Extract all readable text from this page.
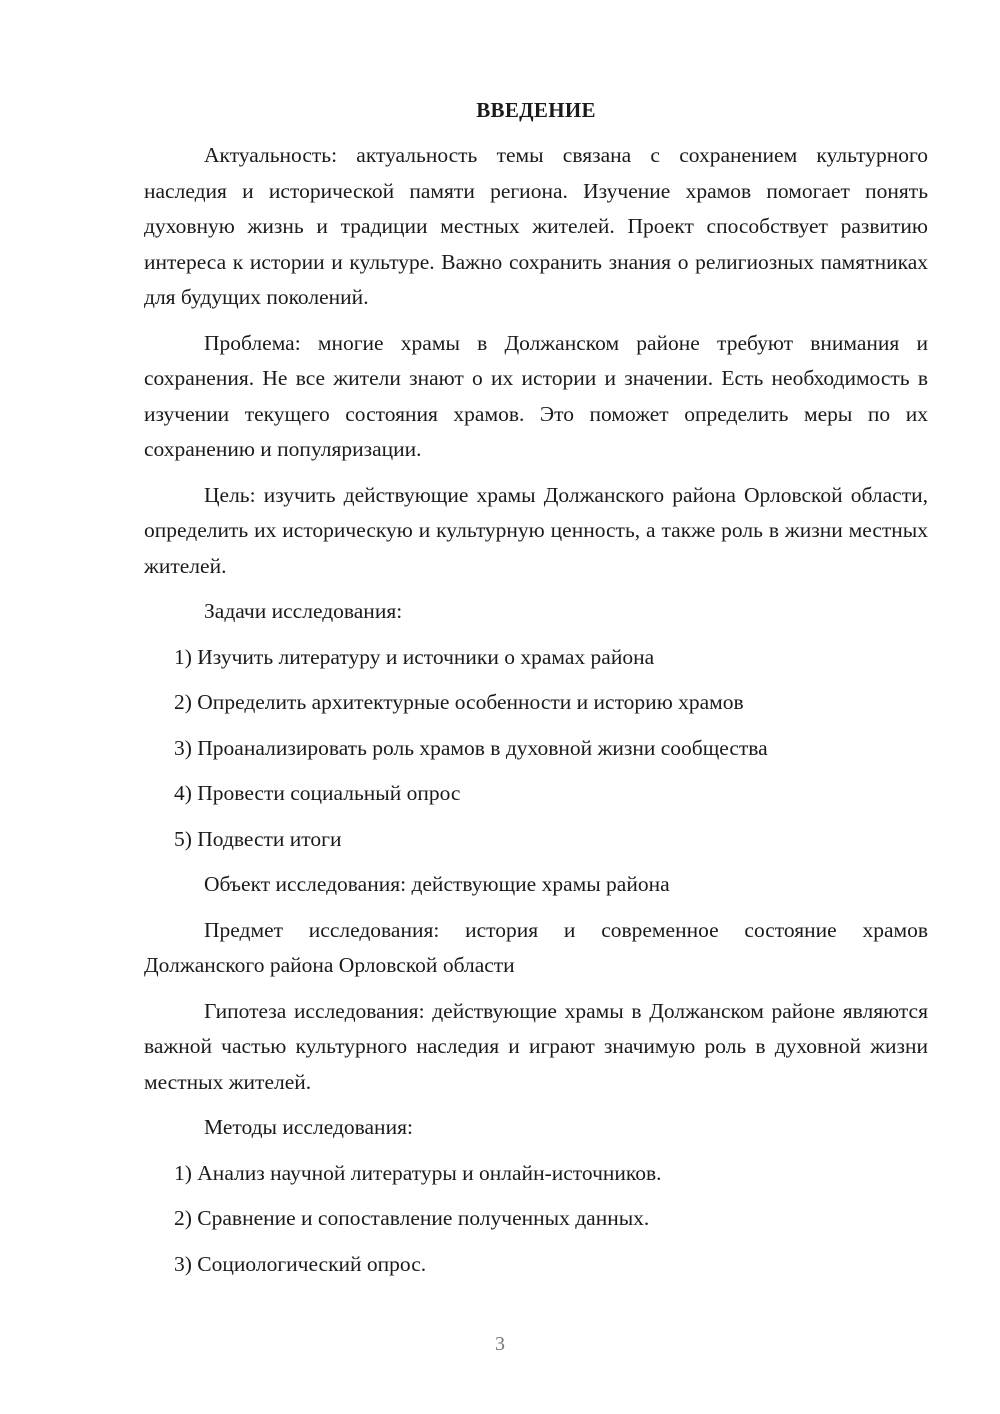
ВВЕДЕНИЕ

Актуальность: актуальность темы связана с сохранением культурного наследия и исторической памяти региона. Изучение храмов помогает понять духовную жизнь и традиции местных жителей. Проект способствует развитию интереса к истории и культуре. Важно сохранить знания о религиозных памятниках для будущих поколений.

Проблема: многие храмы в Должанском районе требуют внимания и сохранения. Не все жители знают о их истории и значении. Есть необходимость в изучении текущего состояния храмов. Это поможет определить меры по их сохранению и популяризации.

Цель: изучить действующие храмы Должанского района Орловской области, определить их историческую и культурную ценность, а также роль в жизни местных жителей.

Задачи исследования:

1) Изучить литературу и источники о храмах района
2) Определить архитектурные особенности и историю храмов
3) Проанализировать роль храмов в духовной жизни сообщества
4) Провести социальный опрос
5) Подвести итоги

Объект исследования: действующие храмы района

Предмет исследования: история и современное состояние храмов Должанского района Орловской области

Гипотеза исследования: действующие храмы в Должанском районе являются важной частью культурного наследия и играют значимую роль в духовной жизни местных жителей.

Методы исследования:

1) Анализ научной литературы и онлайн-источников.
2) Сравнение и сопоставление полученных данных.
3) Социологический опрос.
3
